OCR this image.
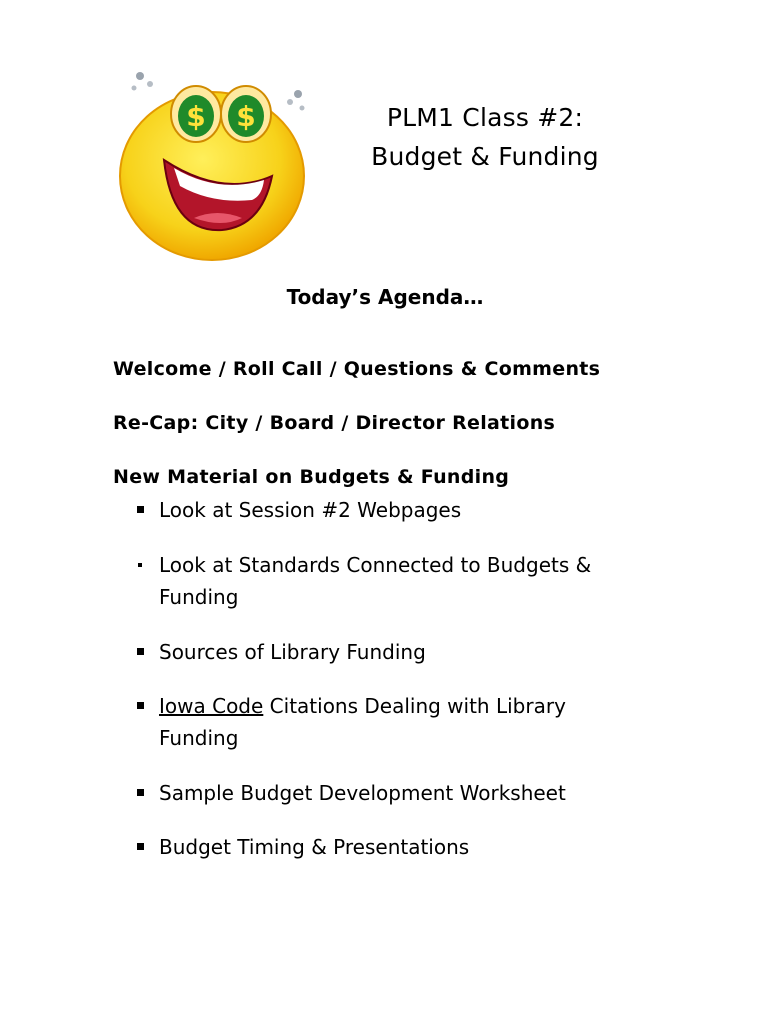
$ $	PLM1 Class #2:
Budget & Funding
Today’s Agenda…
Welcome / Roll Call / Questions & Comments
Re-Cap: City / Board / Director Relations
New Material on Budgets & Funding
Look at Session #2 Webpages
Look at Standards Connected to Budgets &
Funding
Sources of Library Funding
Iowa Code Citations Dealing with Library
Funding
Sample Budget Development Worksheet
Budget Timing & Presentations
